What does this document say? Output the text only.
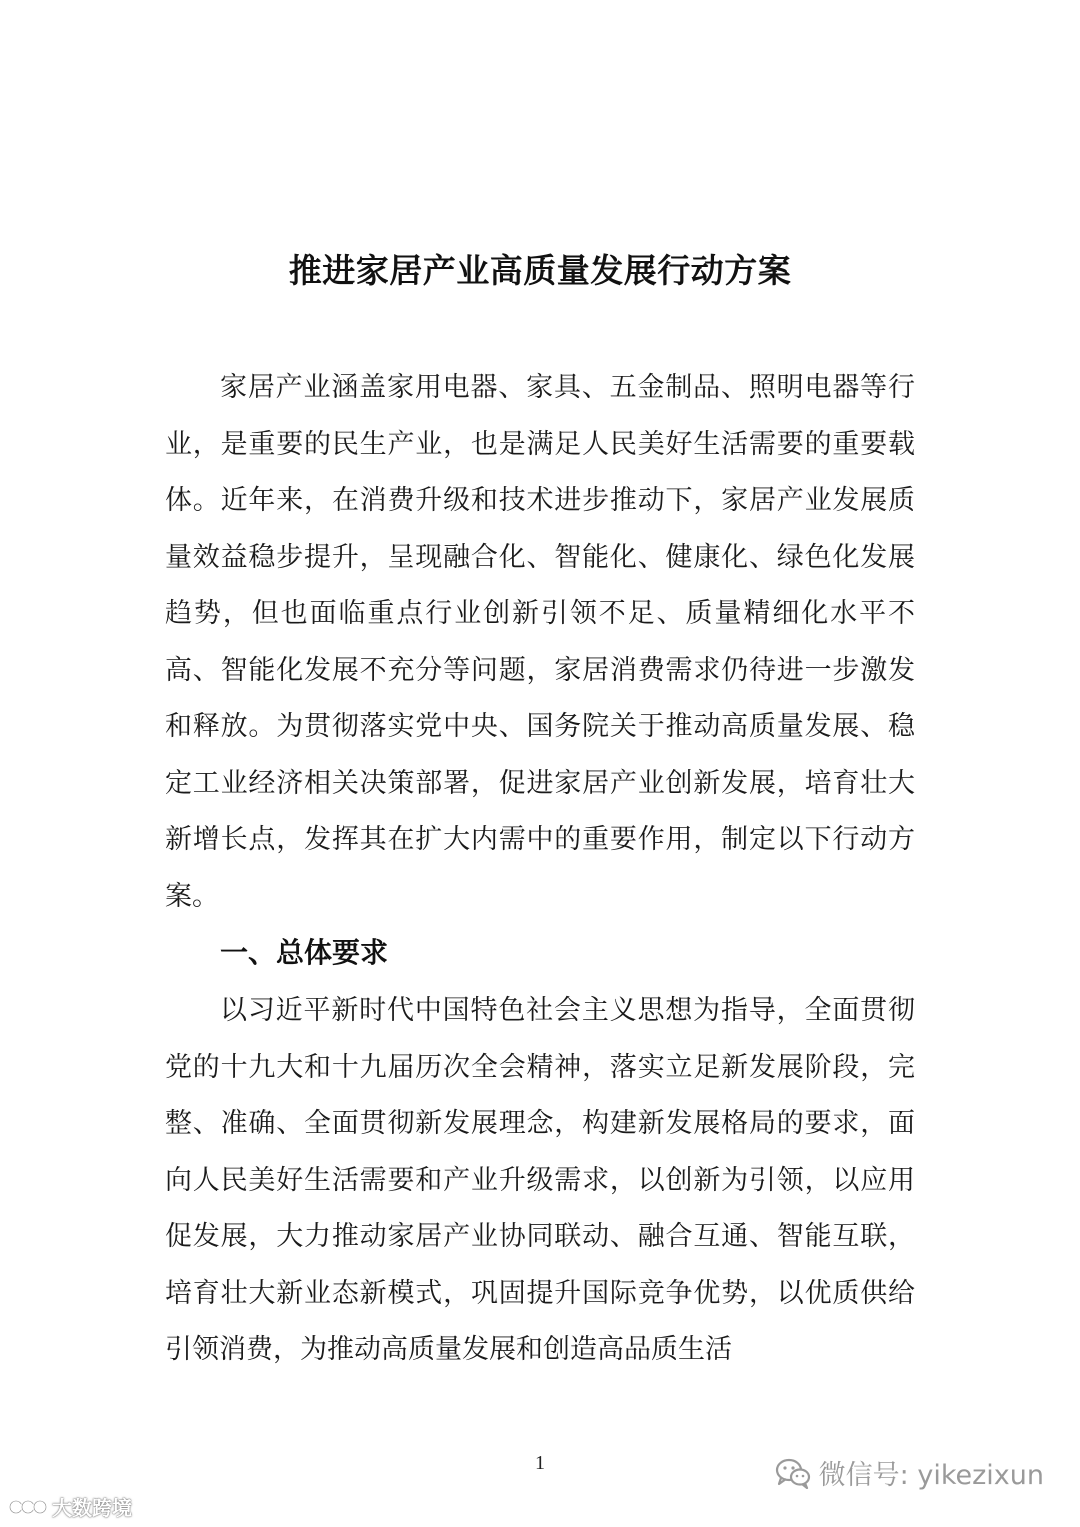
推进家居产业高质量发展行动方案
家居产业涵盖家用电器、家具、五金制品、照明电器等行业，是重要的民生产业，也是满足人民美好生活需要的重要载体。近年来，在消费升级和技术进步推动下，家居产业发展质量效益稳步提升，呈现融合化、智能化、健康化、绿色化发展趋势，但也面临重点行业创新引领不足、质量精细化水平不高、智能化发展不充分等问题，家居消费需求仍待进一步激发和释放。为贯彻落实党中央、国务院关于推动高质量发展、稳定工业经济相关决策部署，促进家居产业创新发展，培育壮大新增长点，发挥其在扩大内需中的重要作用，制定以下行动方案。
一、总体要求
以习近平新时代中国特色社会主义思想为指导，全面贯彻党的十九大和十九届历次全会精神，落实立足新发展阶段，完整、准确、全面贯彻新发展理念，构建新发展格局的要求，面向人民美好生活需要和产业升级需求，以创新为引领，以应用促发展，大力推动家居产业协同联动、融合互通、智能互联，培育壮大新业态新模式，巩固提升国际竞争优势，以优质供给引领消费，为推动高质量发展和创造高品质生活
1	微信号: yikezixun
大数跨境
